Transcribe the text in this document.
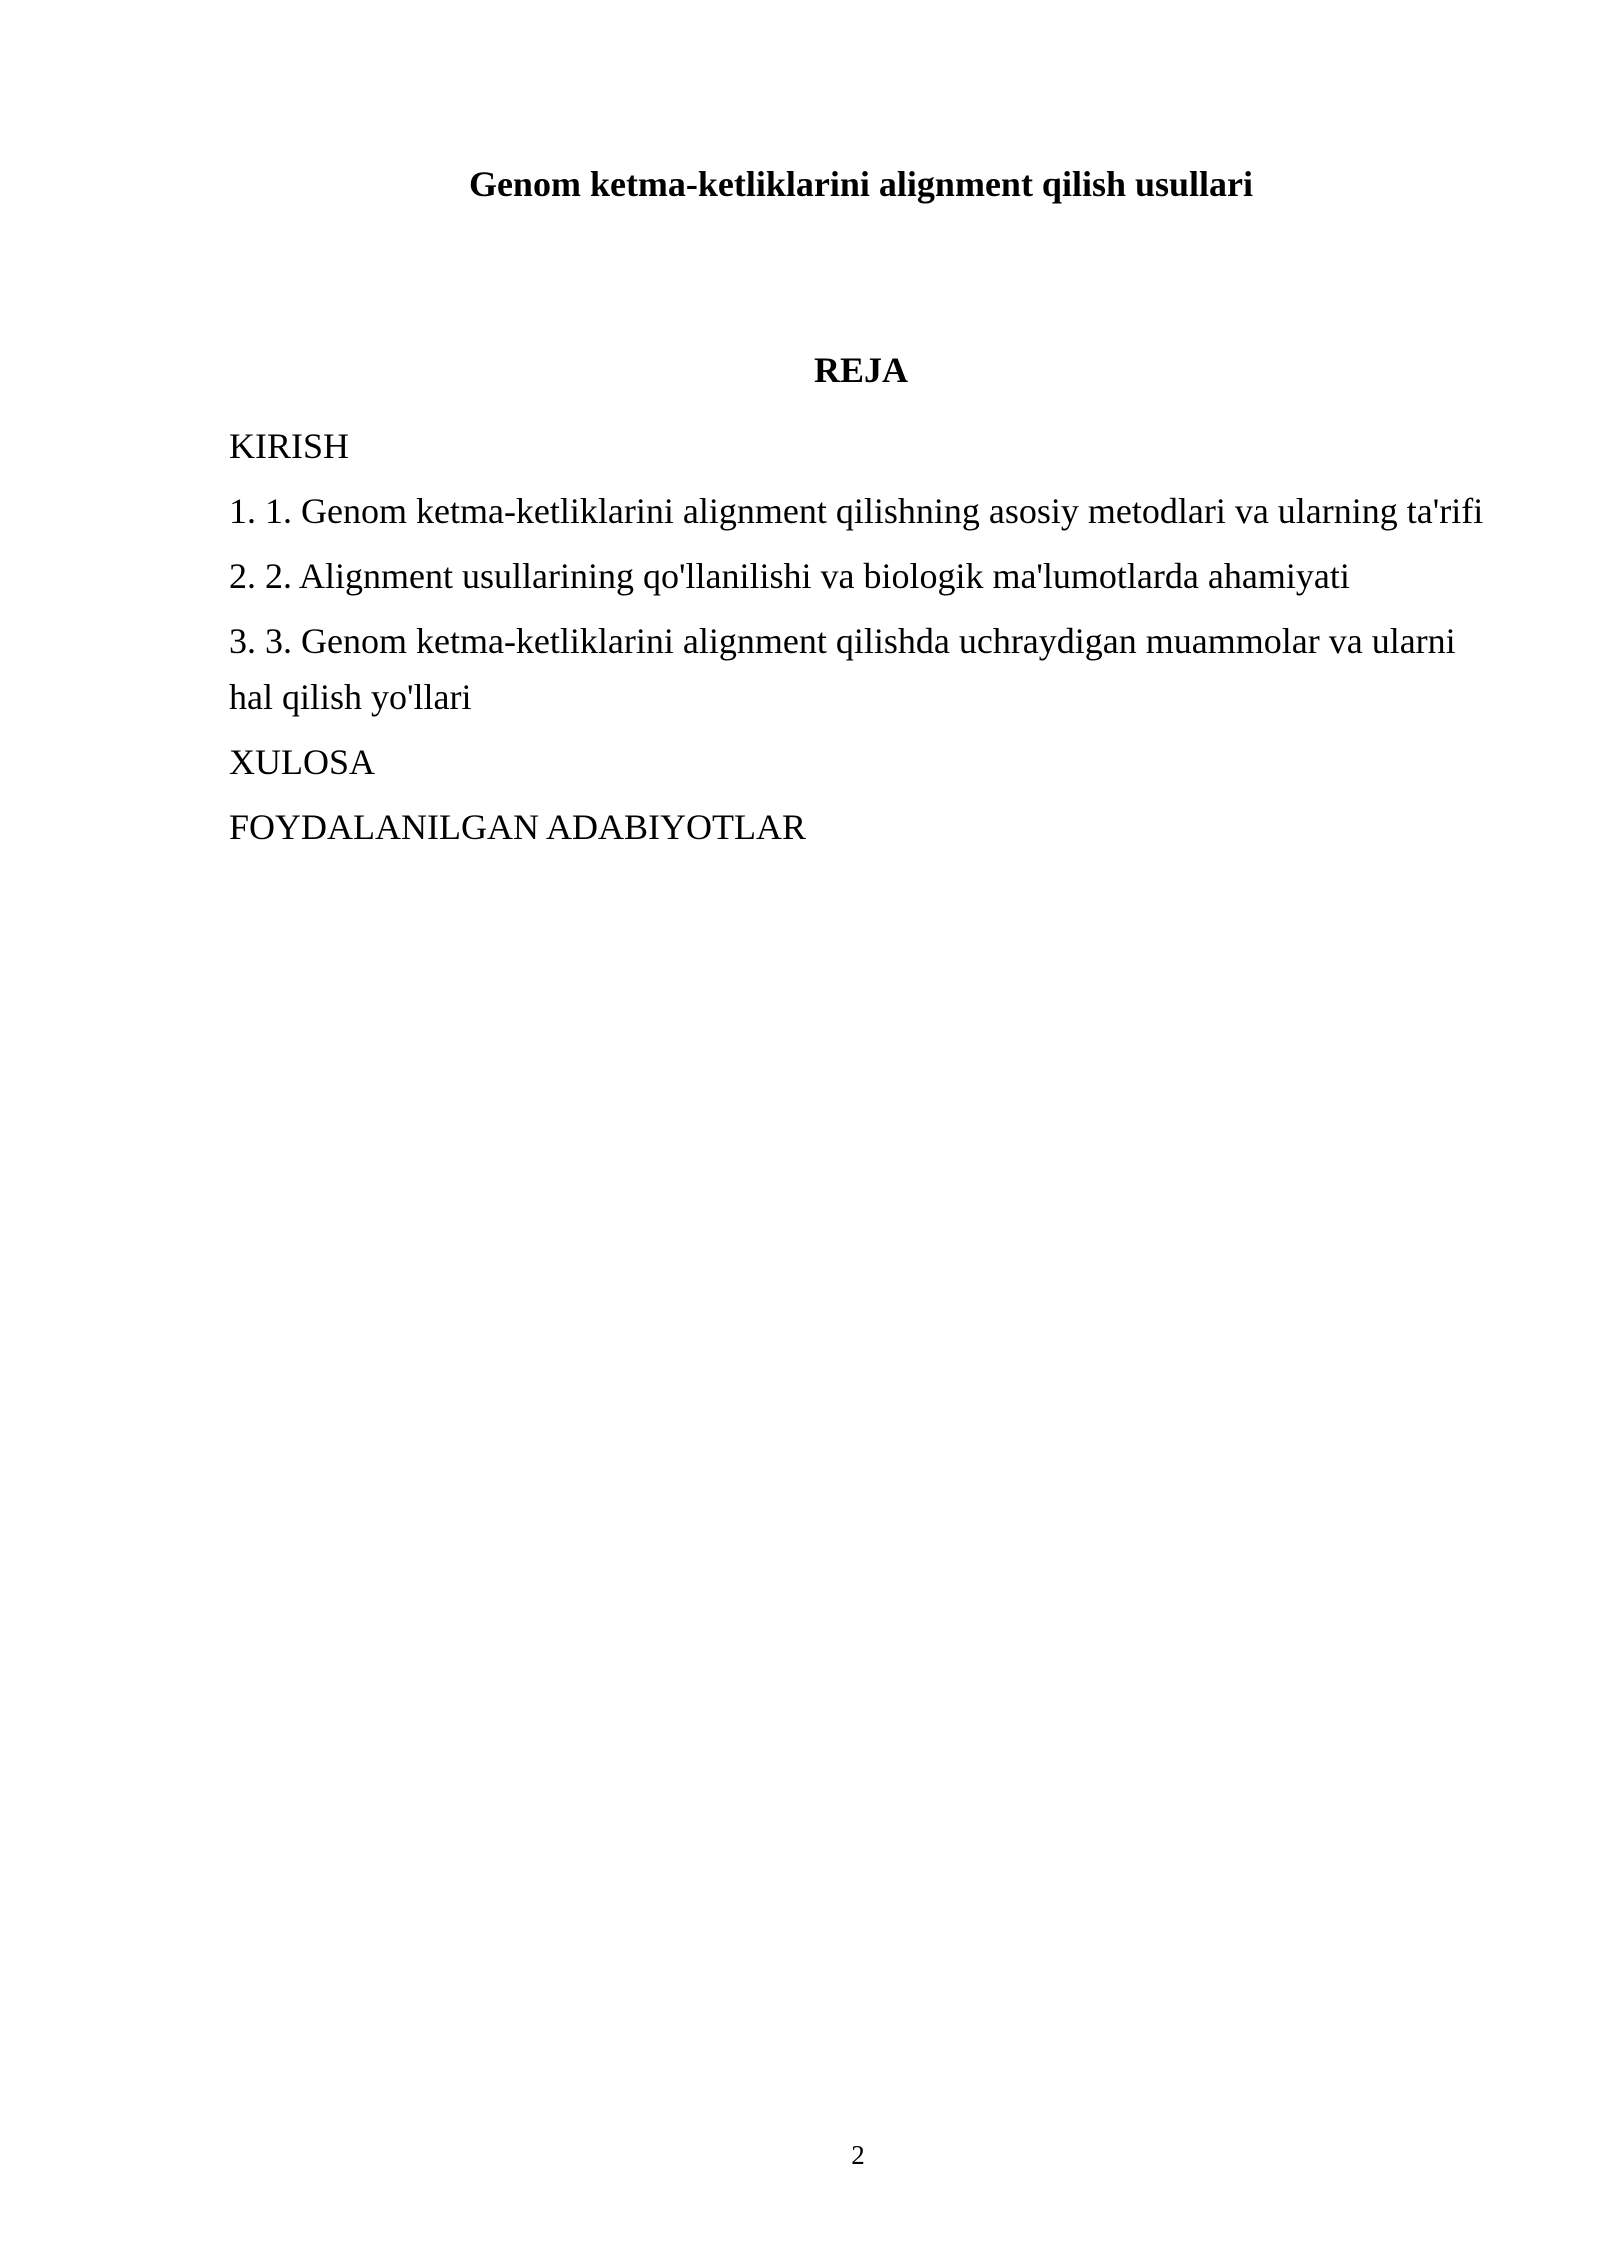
Genom ketma-ketliklarini alignment qilish usullari
REJA
KIRISH
1. 1. Genom ketma-ketliklarini alignment qilishning asosiy metodlari va ularning ta'rifi
2. 2. Alignment usullarining qo'llanilishi va biologik ma'lumotlarda ahamiyati
3. 3. Genom ketma-ketliklarini alignment qilishda uchraydigan muammolar va ularni hal qilish yo'llari
XULOSA
FOYDALANILGAN ADABIYOTLAR
2
